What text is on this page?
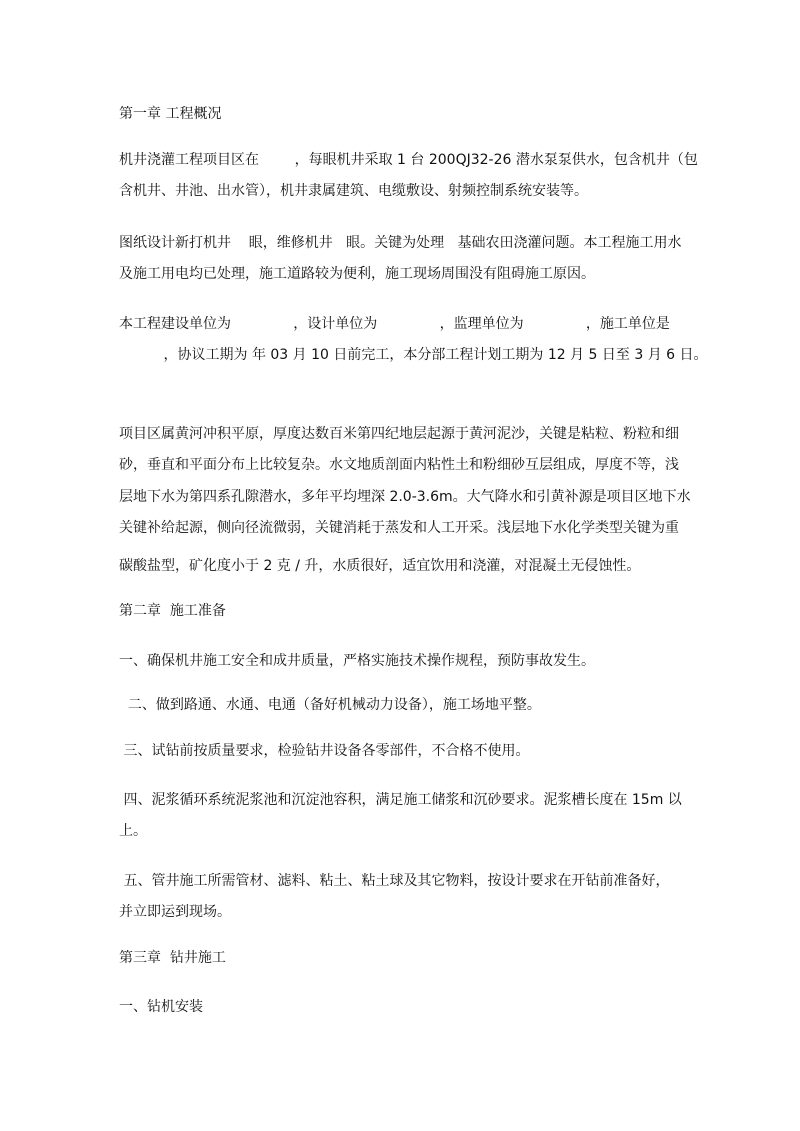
第一章 工程概况
机井浇灌工程项目区在        ，每眼机井采取 1 台 200QJ32-26 潜水泵泵供水，包含机井（包
含机井、井池、出水管），机井隶属建筑、电缆敷设、射频控制系统安装等。
图纸设计新打机井    眼，维修机井   眼。关键为处理   基础农田浇灌问题。本工程施工用水
及施工用电均已处理，施工道路较为便利，施工现场周围没有阻碍施工原因。
本工程建设单位为              ，设计单位为              ，监理单位为              ，施工单位是
，协议工期为 年 03 月 10 日前完工，本分部工程计划工期为 12 月 5 日至 3 月 6 日。
项目区属黄河冲积平原，厚度达数百米第四纪地层起源于黄河泥沙，关键是粘粒、粉粒和细
砂，垂直和平面分布上比较复杂。水文地质剖面内粘性土和粉细砂互层组成，厚度不等，浅
层地下水为第四系孔隙潜水，多年平均埋深 2.0-3.6m。大气降水和引黄补源是项目区地下水
关键补给起源，侧向径流微弱，关键消耗于蒸发和人工开采。浅层地下水化学类型关键为重
碳酸盐型，矿化度小于 2 克 / 升，水质很好，适宜饮用和浇灌，对混凝土无侵蚀性。
第二章  施工准备
一、确保机井施工安全和成井质量，严格实施技术操作规程，预防事故发生。
二、做到路通、水通、电通（备好机械动力设备），施工场地平整。
三、试钻前按质量要求，检验钻井设备各零部件，不合格不使用。
四、泥浆循环系统泥浆池和沉淀池容积，满足施工储浆和沉砂要求。泥浆槽长度在 15m 以
上。
五、管井施工所需管材、滤料、粘土、粘土球及其它物料，按设计要求在开钻前准备好，
并立即运到现场。
第三章  钻井施工
一、钻机安装
